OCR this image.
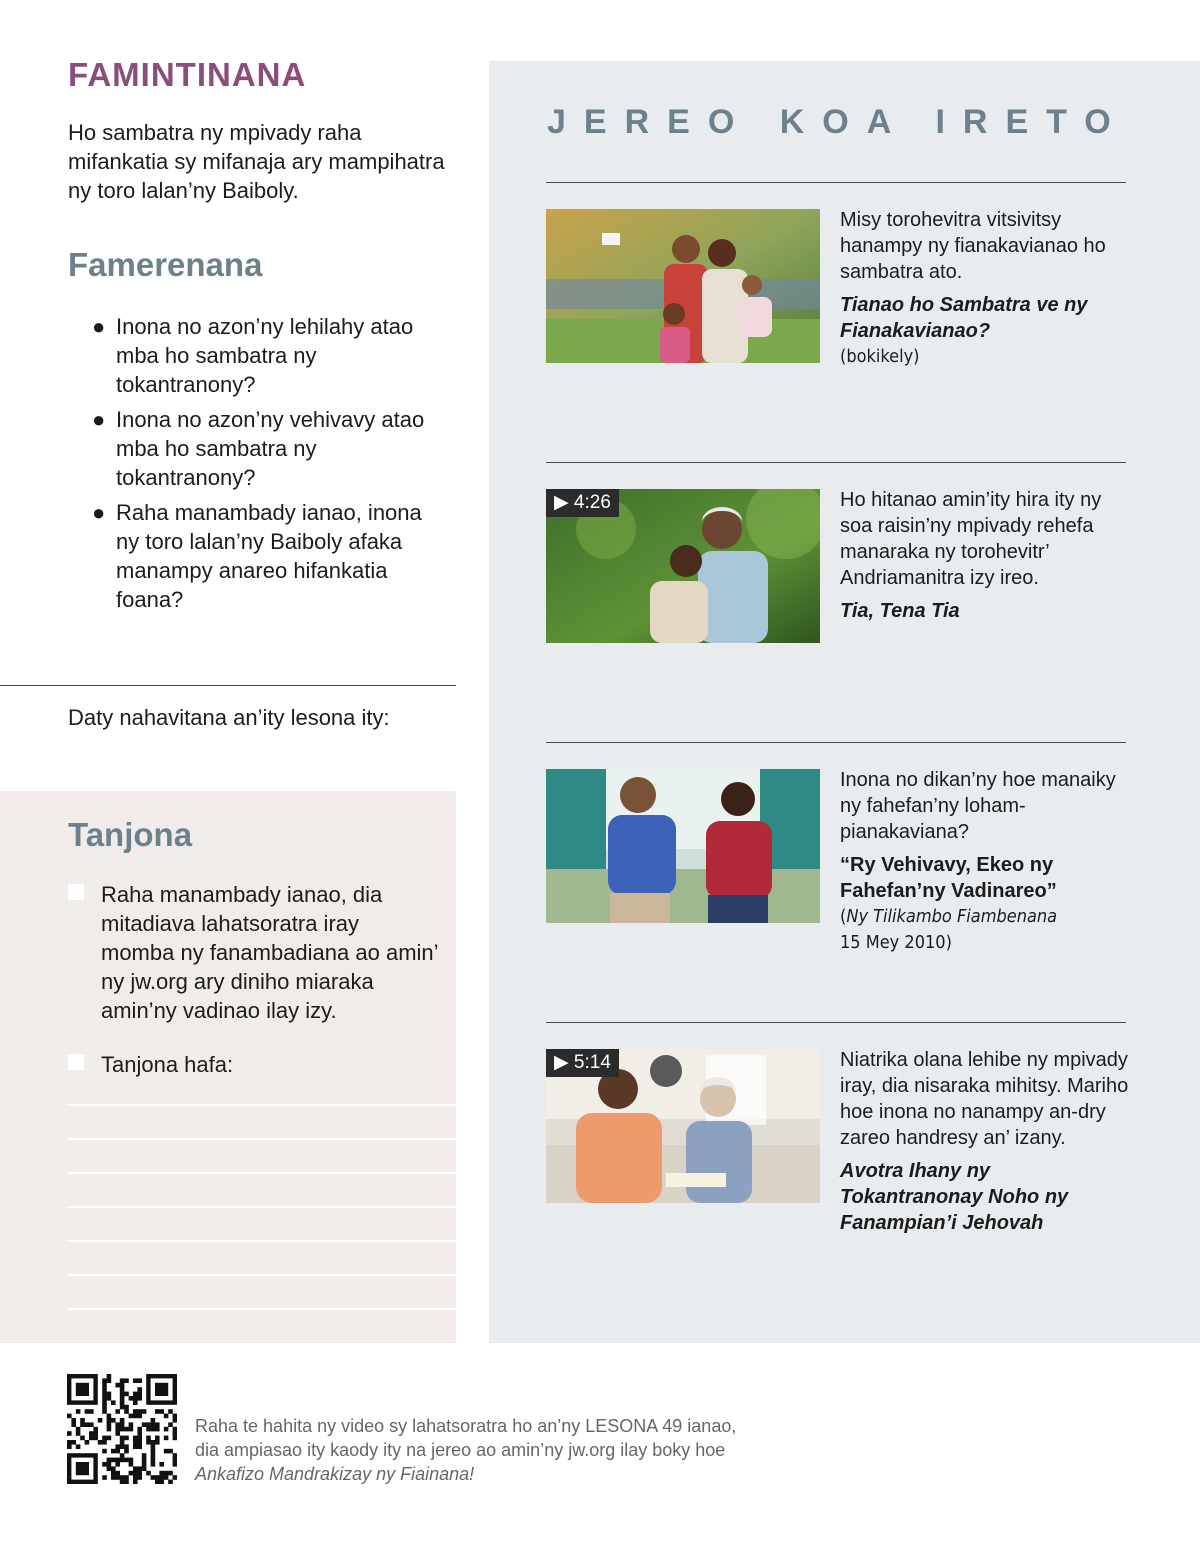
FAMINTINANA

Ho sambatra ny mpivady raha mifankatia sy mifanaja ary mampihatra ny toro lalan’ny Baiboly.

Famerenana
● Inona no azon’ny lehilahy atao mba ho sambatra ny tokantranony?
● Inona no azon’ny vehivavy atao mba ho sambatra ny tokantranony?
● Raha manambady ianao, inona ny toro lalan’ny Baiboly afaka manampy anareo hifankatia foana?

Daty nahavitana an’ity lesona ity:

Tanjona
Raha manambady ianao, dia mitadiava lahatsoratra iray momba ny fanambadiana ao amin’ ny jw.org ary diniho miaraka amin’ny vadinao ilay izy.
Tanjona hafa:
JEREO KOA IRETO

Misy torohevitra vitsivitsy hanampy ny fianakavianao ho sambatra ato.

Tianao ho Sambatra ve ny Fianakavianao?

(bokikely)

▶ 4:26	Ho hitanao amin’ity hira ity ny soa raisin’ny mpivady rehefa manaraka ny torohevitr’ Andriamanitra izy ireo.

Tia, Tena Tia

Inona no dikan’ny hoe manaiky ny fahefan’ny loham-pianakaviana?

“Ry Vehivavy, Ekeo ny Fahefan’ny Vadinareo”

(Ny Tilikambo Fiambenana
15 Mey 2010)

▶ 5:14	Niatrika olana lehibe ny mpivady iray, dia nisaraka mihitsy. Mariho hoe inona no nanampy an-dry zareo handresy an’ izany.

Avotra Ihany ny Tokantranonay Noho ny Fanampian’i Jehovah

Raha te hahita ny video sy lahatsoratra ho an’ny LESONA 49 ianao, dia ampiasao ity kaody ity na jereo ao amin’ny jw.org ilay boky hoe Ankafizo Mandrakizay ny Fiainana!
